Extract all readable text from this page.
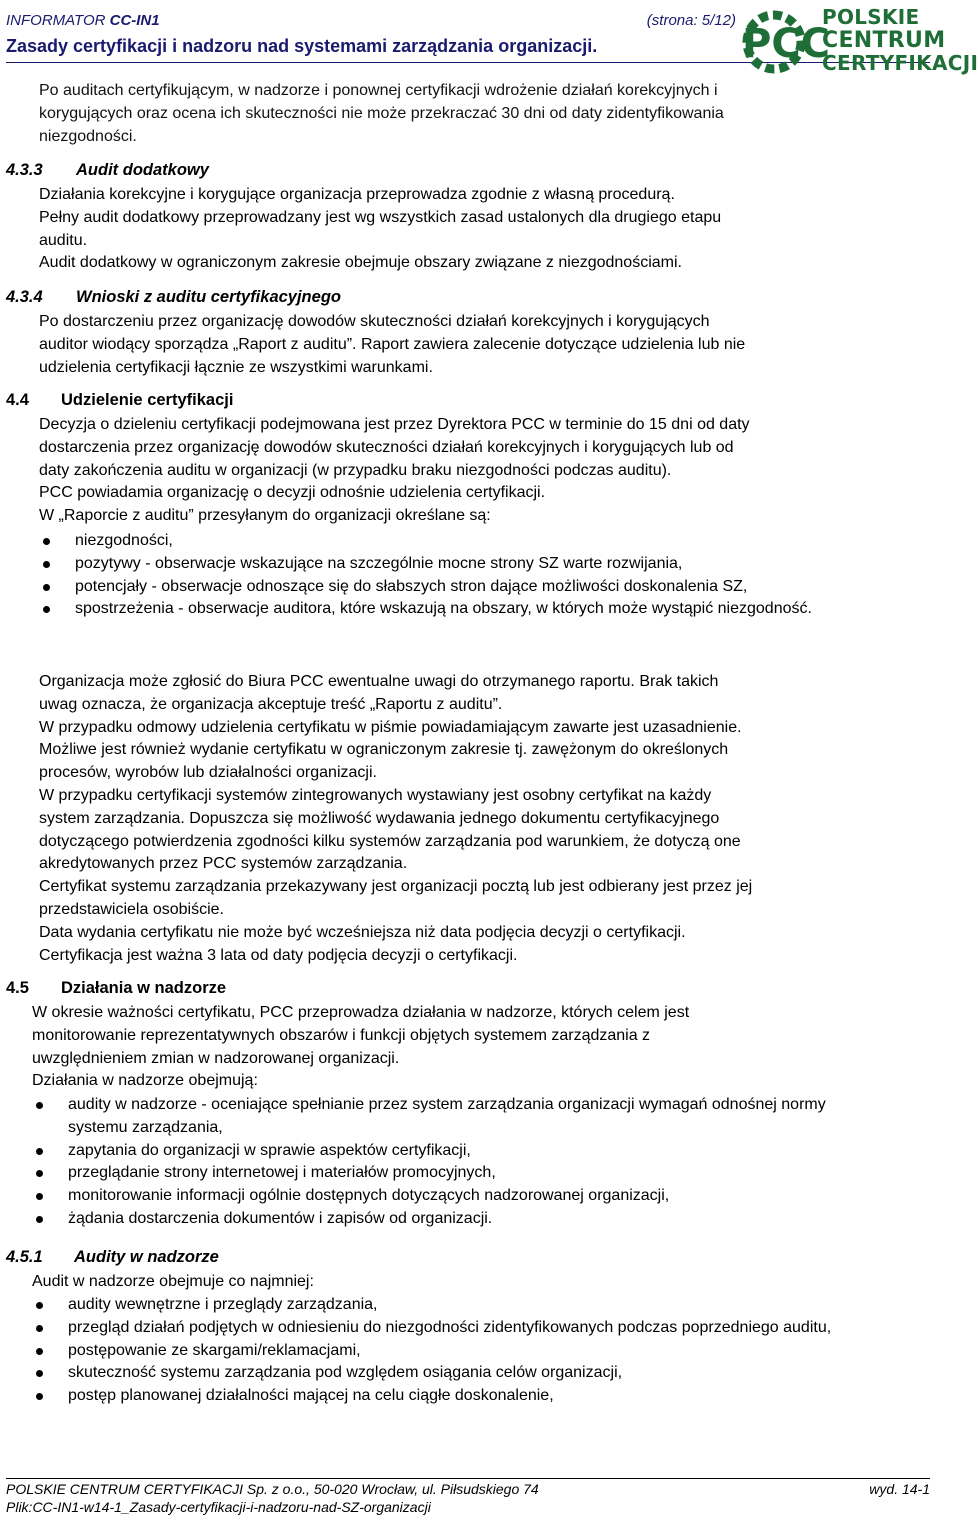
INFORMATOR CC-IN1	(strona: 5/12)
Zasady certyfikacji i nadzoru nad systemami zarządzania organizacji.	PCC
POLSKIE
CENTRUM
CERTYFIKACJI
Po auditach certyfikującym, w nadzorze i ponownej certyfikacji wdrożenie działań korekcyjnych i
korygujących oraz ocena ich skuteczności nie może przekraczać 30 dni od daty zidentyfikowania
niezgodności.
4.3.3 Audit dodatkowy
Działania korekcyjne i korygujące organizacja przeprowadza zgodnie z własną procedurą.
Pełny audit dodatkowy przeprowadzany jest wg wszystkich zasad ustalonych dla drugiego etapu
auditu.
Audit dodatkowy w ograniczonym zakresie obejmuje obszary związane z niezgodnościami.
4.3.4 Wnioski z auditu certyfikacyjnego
Po dostarczeniu przez organizację dowodów skuteczności działań korekcyjnych i korygujących
auditor wiodący sporządza „Raport z auditu”. Raport zawiera zalecenie dotyczące udzielenia lub nie
udzielenia certyfikacji łącznie ze wszystkimi warunkami.
4.4 Udzielenie certyfikacji
Decyzja o dzieleniu certyfikacji podejmowana jest przez Dyrektora PCC w terminie do 15 dni od daty
dostarczenia przez organizację dowodów skuteczności działań korekcyjnych i korygujących lub od
daty zakończenia auditu w organizacji (w przypadku braku niezgodności podczas auditu).
PCC powiadamia organizację o decyzji odnośnie udzielenia certyfikacji.
W „Raporcie z auditu” przesyłanym do organizacji określane są:
niezgodności,
pozytywy - obserwacje wskazujące na szczególnie mocne strony SZ warte rozwijania,
potencjały - obserwacje odnoszące się do słabszych stron dające możliwości doskonalenia SZ,
spostrzeżenia - obserwacje auditora, które wskazują na obszary, w których może wystąpić niezgodność.
Organizacja może zgłosić do Biura PCC ewentualne uwagi do otrzymanego raportu. Brak takich
uwag oznacza, że organizacja akceptuje treść „Raportu z auditu”.
W przypadku odmowy udzielenia certyfikatu w piśmie powiadamiającym zawarte jest uzasadnienie.
Możliwe jest również wydanie certyfikatu w ograniczonym zakresie tj. zawężonym do określonych
procesów, wyrobów lub działalności organizacji.
W przypadku certyfikacji systemów zintegrowanych wystawiany jest osobny certyfikat na każdy
system zarządzania. Dopuszcza się możliwość wydawania jednego dokumentu certyfikacyjnego
dotyczącego potwierdzenia zgodności kilku systemów zarządzania pod warunkiem, że dotyczą one
akredytowanych przez PCC systemów zarządzania.
Certyfikat systemu zarządzania przekazywany jest organizacji pocztą lub jest odbierany jest przez jej
przedstawiciela osobiście.
Data wydania certyfikatu nie może być wcześniejsza niż data podjęcia decyzji o certyfikacji.
Certyfikacja jest ważna 3 lata od daty podjęcia decyzji o certyfikacji.
4.5 Działania w nadzorze
W okresie ważności certyfikatu, PCC przeprowadza działania w nadzorze, których celem jest
monitorowanie reprezentatywnych obszarów i funkcji objętych systemem zarządzania z
uwzględnieniem zmian w nadzorowanej organizacji.
Działania w nadzorze obejmują:
audity w nadzorze - oceniające spełnianie przez system zarządzania organizacji wymagań odnośnej normy systemu zarządzania,
zapytania do organizacji w sprawie aspektów certyfikacji,
przeglądanie strony internetowej i materiałów promocyjnych,
monitorowanie informacji ogólnie dostępnych dotyczących nadzorowanej organizacji,
żądania dostarczenia dokumentów i zapisów od organizacji.
4.5.1 Audity w nadzorze
Audit w nadzorze obejmuje co najmniej:
audity wewnętrzne i przeglądy zarządzania,
przegląd działań podjętych w odniesieniu do niezgodności zidentyfikowanych podczas poprzedniego auditu,
postępowanie ze skargami/reklamacjami,
skuteczność systemu zarządzania pod względem osiągania celów organizacji,
postęp planowanej działalności mającej na celu ciągłe doskonalenie,
POLSKIE CENTRUM CERTYFIKACJI Sp. z o.o., 50-020 Wrocław, ul. Piłsudskiego 74	wyd. 14-1
Plik:CC-IN1-w14-1_Zasady-certyfikacji-i-nadzoru-nad-SZ-organizacji
